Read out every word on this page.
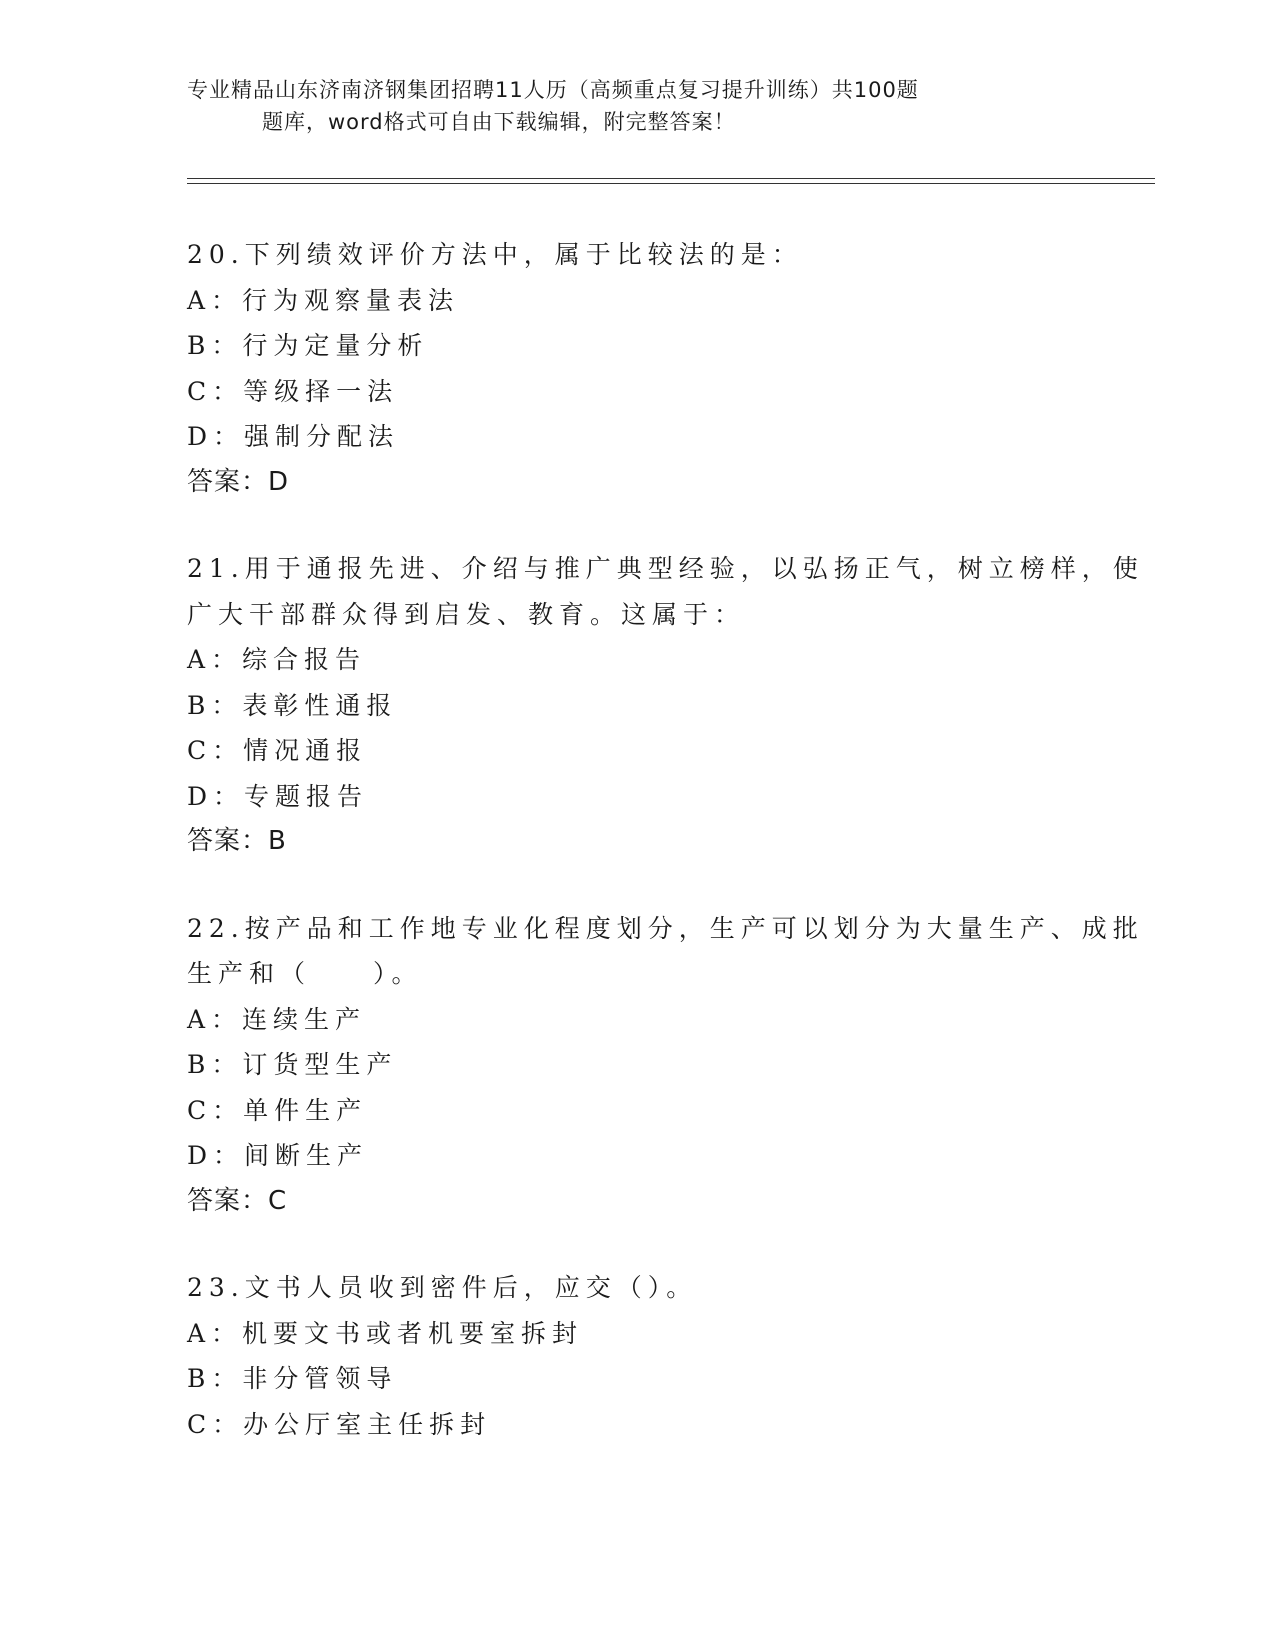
专业精品山东济南济钢集团招聘11人历（高频重点复习提升训练）共100题
题库，word格式可自由下载编辑，附完整答案！
20.下列绩效评价方法中，属于比较法的是：
A：行为观察量表法
B：行为定量分析
C：等级择一法
D：强制分配法
答案：D
21.用于通报先进、介绍与推广典型经验，以弘扬正气，树立榜样，使
广大干部群众得到启发、教育。这属于：
A：综合报告
B：表彰性通报
C：情况通报
D：专题报告
答案：B
22.按产品和工作地专业化程度划分，生产可以划分为大量生产、成批
生产和（　　）。
A：连续生产
B：订货型生产
C：单件生产
D：间断生产
答案：C
23.文书人员收到密件后，应交（）。
A：机要文书或者机要室拆封
B：非分管领导
C：办公厅室主任拆封
